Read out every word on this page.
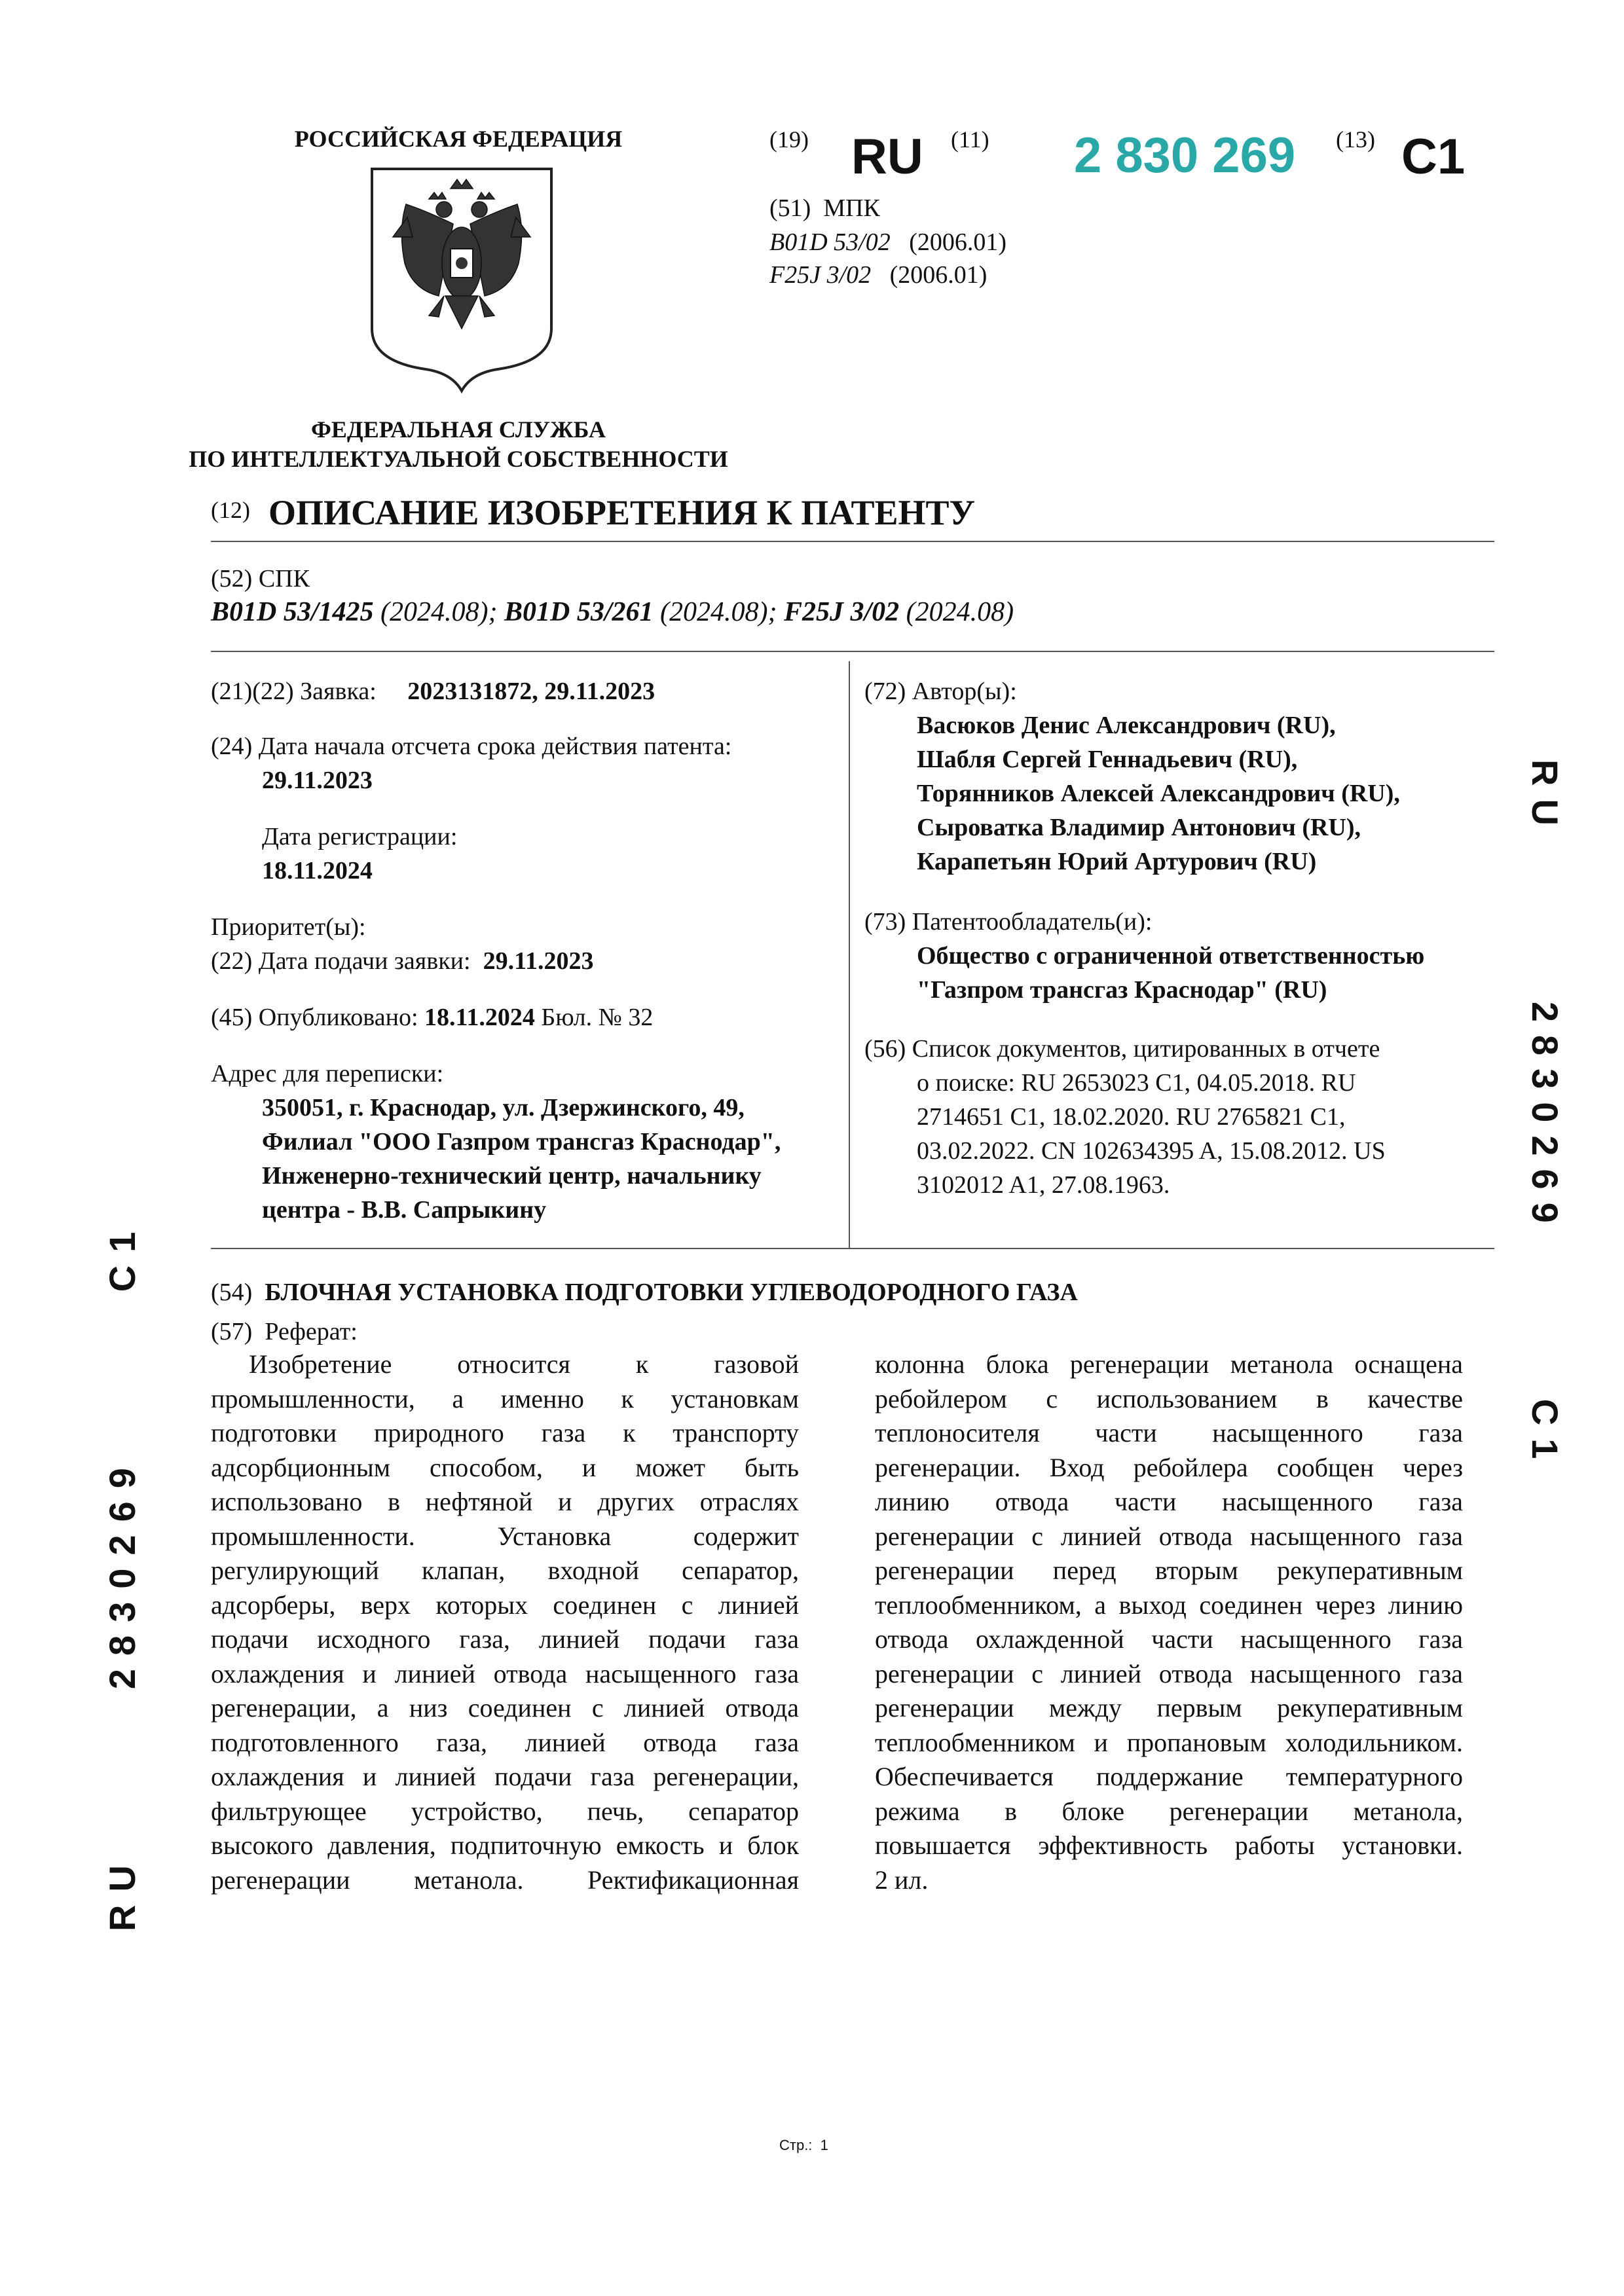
РОССИЙСКАЯ ФЕДЕРАЦИЯ
ФЕДЕРАЛЬНАЯ СЛУЖБА
ПО ИНТЕЛЛЕКТУАЛЬНОЙ СОБСТВЕННОСТИ
(19) RU (11) 2 830 269 (13) C1
(51) МПК
B01D 53/02 (2006.01)
F25J 3/02 (2006.01)
(12) ОПИСАНИЕ ИЗОБРЕТЕНИЯ К ПАТЕНТУ
(52) СПК
B01D 53/1425 (2024.08); B01D 53/261 (2024.08); F25J 3/02 (2024.08)
(21)(22) Заявка: 2023131872, 29.11.2023
(24) Дата начала отсчета срока действия патента:
29.11.2023
Дата регистрации:
18.11.2024
Приоритет(ы):
(22) Дата подачи заявки: 29.11.2023
(45) Опубликовано: 18.11.2024 Бюл. № 32
Адрес для переписки:
350051, г. Краснодар, ул. Дзержинского, 49,
Филиал "ООО Газпром трансгаз Краснодар",
Инженерно-технический центр, начальнику
центра - В.В. Сапрыкину
(72) Автор(ы):
Васюков Денис Александрович (RU),
Шабля Сергей Геннадьевич (RU),
Торянников Алексей Александрович (RU),
Сыроватка Владимир Антонович (RU),
Карапетьян Юрий Артурович (RU)
(73) Патентообладатель(и):
Общество с ограниченной ответственностью
"Газпром трансгаз Краснодар" (RU)
(56) Список документов, цитированных в отчете
о поиске: RU 2653023 C1, 04.05.2018. RU
2714651 C1, 18.02.2020. RU 2765821 C1,
03.02.2022. CN 102634395 A, 15.08.2012. US
3102012 A1, 27.08.1963.
(54) БЛОЧНАЯ УСТАНОВКА ПОДГОТОВКИ УГЛЕВОДОРОДНОГО ГАЗА
(57) Реферат:
Изобретение относится к газовой
промышленности, а именно к установкам
подготовки природного газа к транспорту
адсорбционным способом, и может быть
использовано в нефтяной и других отраслях
промышленности. Установка содержит
регулирующий клапан, входной сепаратор,
адсорберы, верх которых соединен с линией
подачи исходного газа, линией подачи газа
охлаждения и линией отвода насыщенного газа
регенерации, а низ соединен с линией отвода
подготовленного газа, линией отвода газа
охлаждения и линией подачи газа регенерации,
фильтрующее устройство, печь, сепаратор
высокого давления, подпиточную емкость и блок
регенерации метанола. Ректификационная
колонна блока регенерации метанола оснащена
ребойлером с использованием в качестве
теплоносителя части насыщенного газа
регенерации. Вход ребойлера сообщен через
линию отвода части насыщенного газа
регенерации с линией отвода насыщенного газа
регенерации перед вторым рекуперативным
теплообменником, а выход соединен через линию
отвода охлажденной части насыщенного газа
регенерации с линией отвода насыщенного газа
регенерации между первым рекуперативным
теплообменником и пропановым холодильником.
Обеспечивается поддержание температурного
режима в блоке регенерации метанола,
повышается эффективность работы установки.
2 ил.
RU       2830269       C1
RU       2830269       C1
Стр.: 1
